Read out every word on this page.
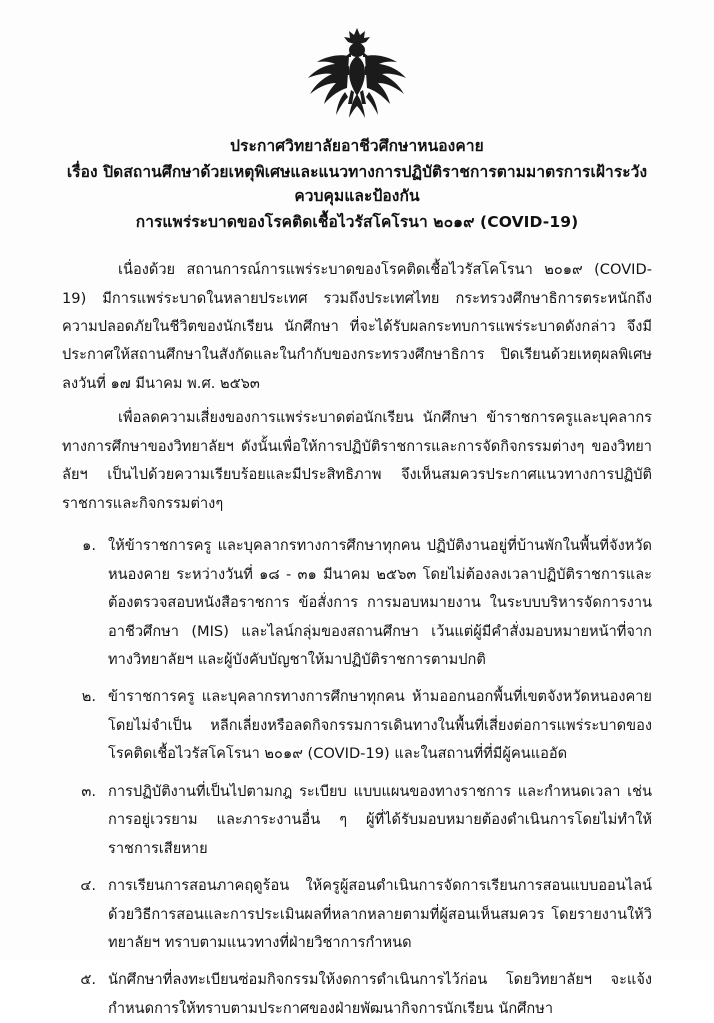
ประกาศวิทยาลัยอาชีวศึกษาหนองคาย
เรื่อง ปิดสถานศึกษาด้วยเหตุพิเศษและแนวทางการปฏิบัติราชการตามมาตรการเฝ้าระวังควบคุมและป้องกัน
การแพร่ระบาดของโรคติดเชื้อไวรัสโคโรนา ๒๐๑๙ (COVID-19)

เนื่องด้วย สถานการณ์การแพร่ระบาดของโรคติดเชื้อไวรัสโคโรนา ๒๐๑๙ (COVID-19) มีการแพร่ระบาดในหลายประเทศ รวมถึงประเทศไทย กระทรวงศึกษาธิการตระหนักถึงความปลอดภัยในชีวิตของนักเรียน นักศึกษา ที่จะได้รับผลกระทบการแพร่ระบาดดังกล่าว จึงมีประกาศให้สถานศึกษาในสังกัดและในกำกับของกระทรวงศึกษาธิการ ปิดเรียนด้วยเหตุผลพิเศษ ลงวันที่ ๑๗ มีนาคม พ.ศ. ๒๕๖๓

เพื่อลดความเสี่ยงของการแพร่ระบาดต่อนักเรียน นักศึกษา ข้าราชการครูและบุคลากรทางการศึกษาของวิทยาลัยฯ ดังนั้นเพื่อให้การปฏิบัติราชการและการจัดกิจกรรมต่างๆ ของวิทยาลัยฯ เป็นไปด้วยความเรียบร้อยและมีประสิทธิภาพ จึงเห็นสมควรประกาศแนวทางการปฏิบัติราชการและกิจกรรมต่างๆ

๑. ให้ข้าราชการครู และบุคลากรทางการศึกษาทุกคน ปฏิบัติงานอยู่ที่บ้านพักในพื้นที่จังหวัดหนองคาย ระหว่างวันที่ ๑๘ - ๓๑ มีนาคม ๒๕๖๓ โดยไม่ต้องลงเวลาปฏิบัติราชการและต้องตรวจสอบหนังสือราชการ ข้อสั่งการ การมอบหมายงาน ในระบบบริหารจัดการงานอาชีวศึกษา (MIS) และไลน์กลุ่มของสถานศึกษา เว้นแต่ผู้มีคำสั่งมอบหมายหน้าที่จากทางวิทยาลัยฯ และผู้บังคับบัญชาให้มาปฏิบัติราชการตามปกติ
๒. ข้าราชการครู และบุคลากรทางการศึกษาทุกคน ห้ามออกนอกพื้นที่เขตจังหวัดหนองคาย โดยไม่จำเป็น หลีกเลี่ยงหรือลดกิจกรรมการเดินทางในพื้นที่เสี่ยงต่อการแพร่ระบาดของโรคติดเชื้อไวรัสโคโรนา ๒๐๑๙ (COVID-19) และในสถานที่ที่มีผู้คนแออัด
๓. การปฏิบัติงานที่เป็นไปตามกฎ ระเบียบ แบบแผนของทางราชการ และกำหนดเวลา เช่น การอยู่เวรยาม และภาระงานอื่น ๆ ผู้ที่ได้รับมอบหมายต้องดำเนินการโดยไม่ทำให้ราชการเสียหาย
๔. การเรียนการสอนภาคฤดูร้อน ให้ครูผู้สอนดำเนินการจัดการเรียนการสอนแบบออนไลน์ ด้วยวิธีการสอนและการประเมินผลที่หลากหลายตามที่ผู้สอนเห็นสมควร โดยรายงานให้วิทยาลัยฯ ทราบตามแนวทางที่ฝ่ายวิชาการกำหนด
๕. นักศึกษาที่ลงทะเบียนซ่อมกิจกรรมให้งดการดำเนินการไว้ก่อน โดยวิทยาลัยฯ จะแจ้งกำหนดการให้ทราบตามประกาศของฝ่ายพัฒนากิจการนักเรียน นักศึกษา
